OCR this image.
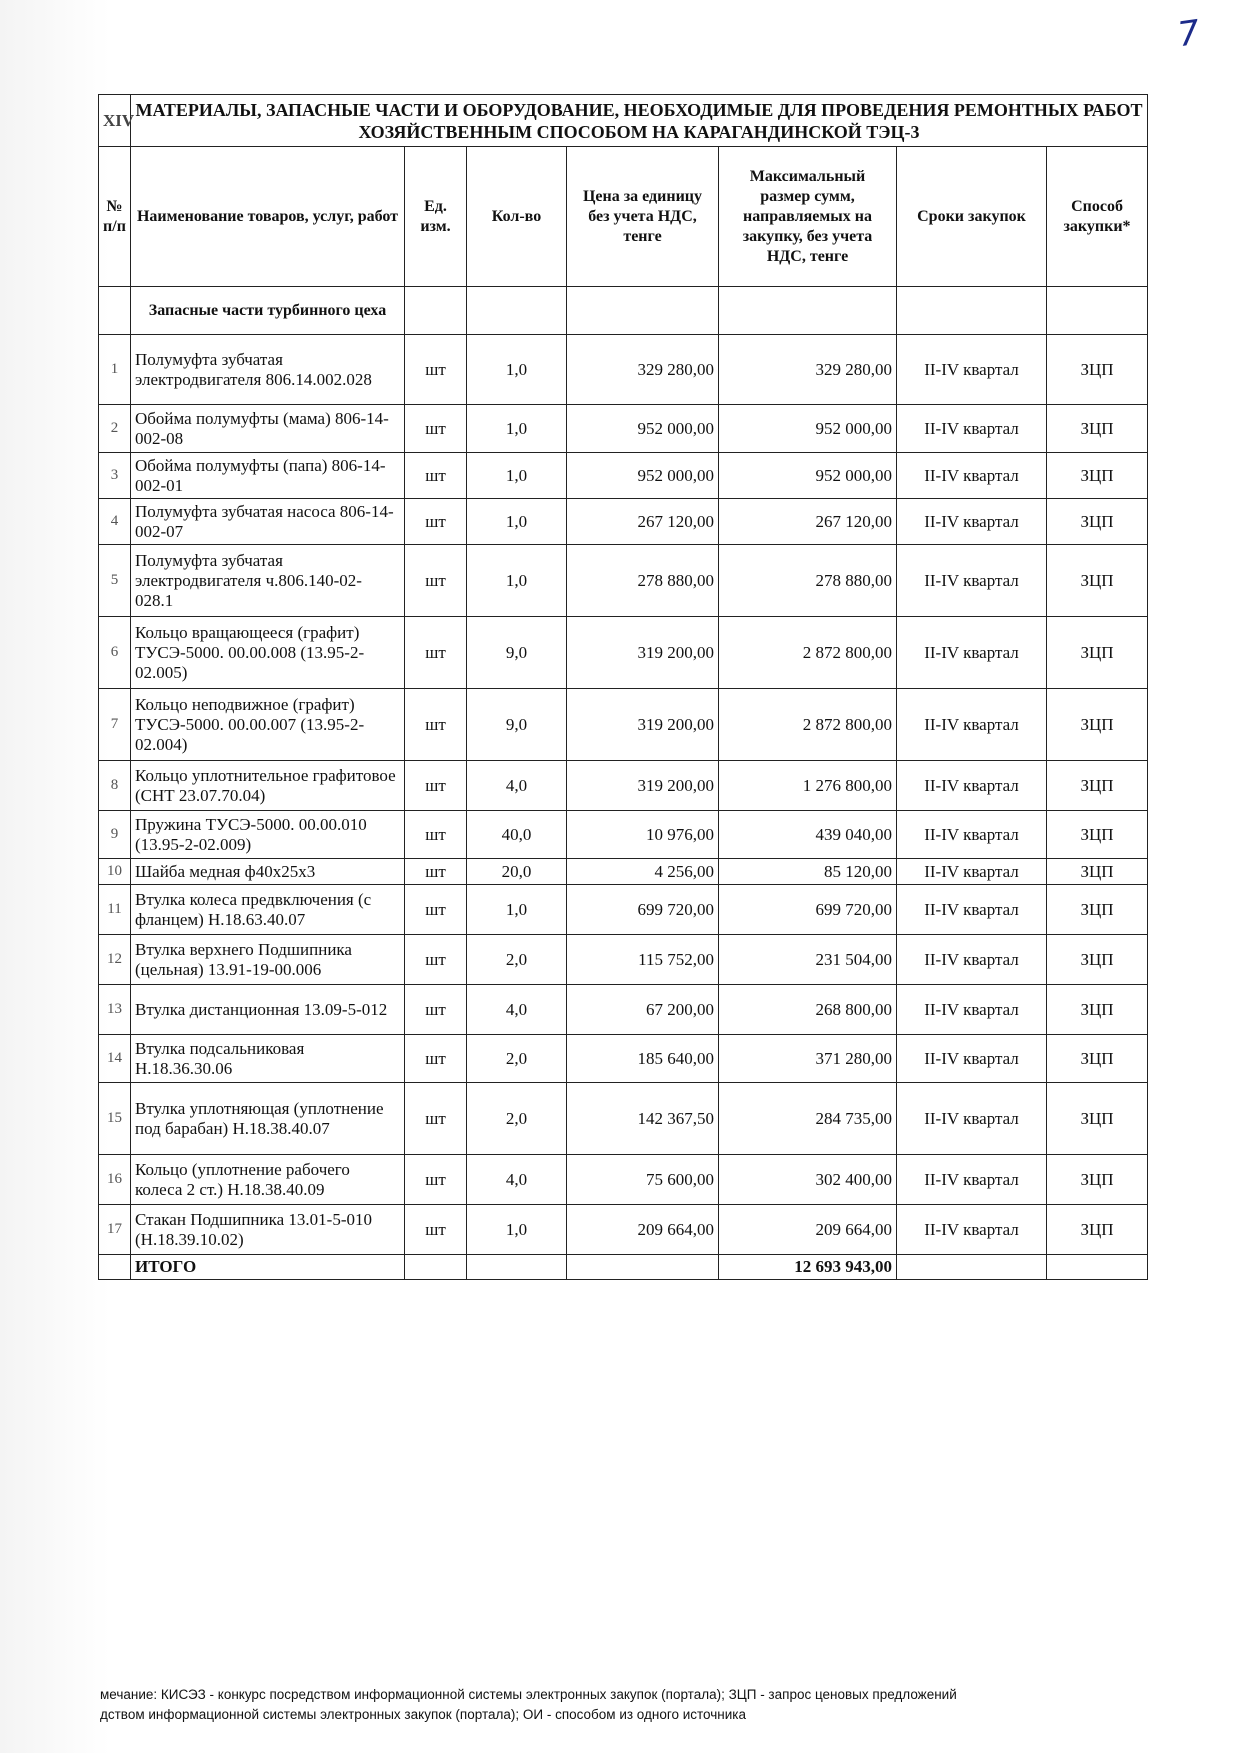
7
XIV	МАТЕРИАЛЫ, ЗАПАСНЫЕ ЧАСТИ И ОБОРУДОВАНИЕ, НЕОБХОДИМЫЕ ДЛЯ ПРОВЕДЕНИЯ РЕМОНТНЫХ РАБОТ ХОЗЯЙСТВЕННЫМ СПОСОБОМ НА КАРАГАНДИНСКОЙ ТЭЦ-3						
№ п/п	Наименование товаров, услуг, работ	Ед. изм.	Кол-во	Цена за единицу без учета НДС, тенге	Максимальный размер сумм, направляемых на закупку, без учета НДС, тенге	Сроки закупок	Способ закупки*
	Запасные части турбинного цеха						
1	Полумуфта зубчатая электродвигателя 806.14.002.028	шт	1,0	329 280,00	329 280,00	II-IV квартал	ЗЦП
2	Обойма полумуфты (мама) 806-14-002-08	шт	1,0	952 000,00	952 000,00	II-IV квартал	ЗЦП
3	Обойма полумуфты (папа) 806-14-002-01	шт	1,0	952 000,00	952 000,00	II-IV квартал	ЗЦП
4	Полумуфта зубчатая насоса 806-14-002-07	шт	1,0	267 120,00	267 120,00	II-IV квартал	ЗЦП
5	Полумуфта зубчатая электродвигателя ч.806.140-02-028.1	шт	1,0	278 880,00	278 880,00	II-IV квартал	ЗЦП
6	Кольцо вращающееся (графит) ТУСЭ-5000. 00.00.008 (13.95-2-02.005)	шт	9,0	319 200,00	2 872 800,00	II-IV квартал	ЗЦП
7	Кольцо неподвижное (графит) ТУСЭ-5000. 00.00.007 (13.95-2-02.004)	шт	9,0	319 200,00	2 872 800,00	II-IV квартал	ЗЦП
8	Кольцо уплотнительное графитовое (СНТ 23.07.70.04)	шт	4,0	319 200,00	1 276 800,00	II-IV квартал	ЗЦП
9	Пружина ТУСЭ-5000. 00.00.010 (13.95-2-02.009)	шт	40,0	10 976,00	439 040,00	II-IV квартал	ЗЦП
10	Шайба медная ф40х25х3	шт	20,0	4 256,00	85 120,00	II-IV квартал	ЗЦП
11	Втулка колеса предвключения (с фланцем) Н.18.63.40.07	шт	1,0	699 720,00	699 720,00	II-IV квартал	ЗЦП
12	Втулка верхнего Подшипника (цельная) 13.91-19-00.006	шт	2,0	115 752,00	231 504,00	II-IV квартал	ЗЦП
13	Втулка дистанционная 13.09-5-012	шт	4,0	67 200,00	268 800,00	II-IV квартал	ЗЦП
14	Втулка подсальниковая Н.18.36.30.06	шт	2,0	185 640,00	371 280,00	II-IV квартал	ЗЦП
15	Втулка уплотняющая (уплотнение под барабан) Н.18.38.40.07	шт	2,0	142 367,50	284 735,00	II-IV квартал	ЗЦП
16	Кольцо (уплотнение рабочего колеса 2 ст.) Н.18.38.40.09	шт	4,0	75 600,00	302 400,00	II-IV квартал	ЗЦП
17	Стакан Подшипника 13.01-5-010 (Н.18.39.10.02)	шт	1,0	209 664,00	209 664,00	II-IV квартал	ЗЦП
	ИТОГО				12 693 943,00		
мечание: КИСЭЗ - конкурс посредством информационной системы электронных закупок (портала); ЗЦП - запрос ценовых предложений
дством информационной системы электронных закупок (портала); ОИ - способом из одного источника
